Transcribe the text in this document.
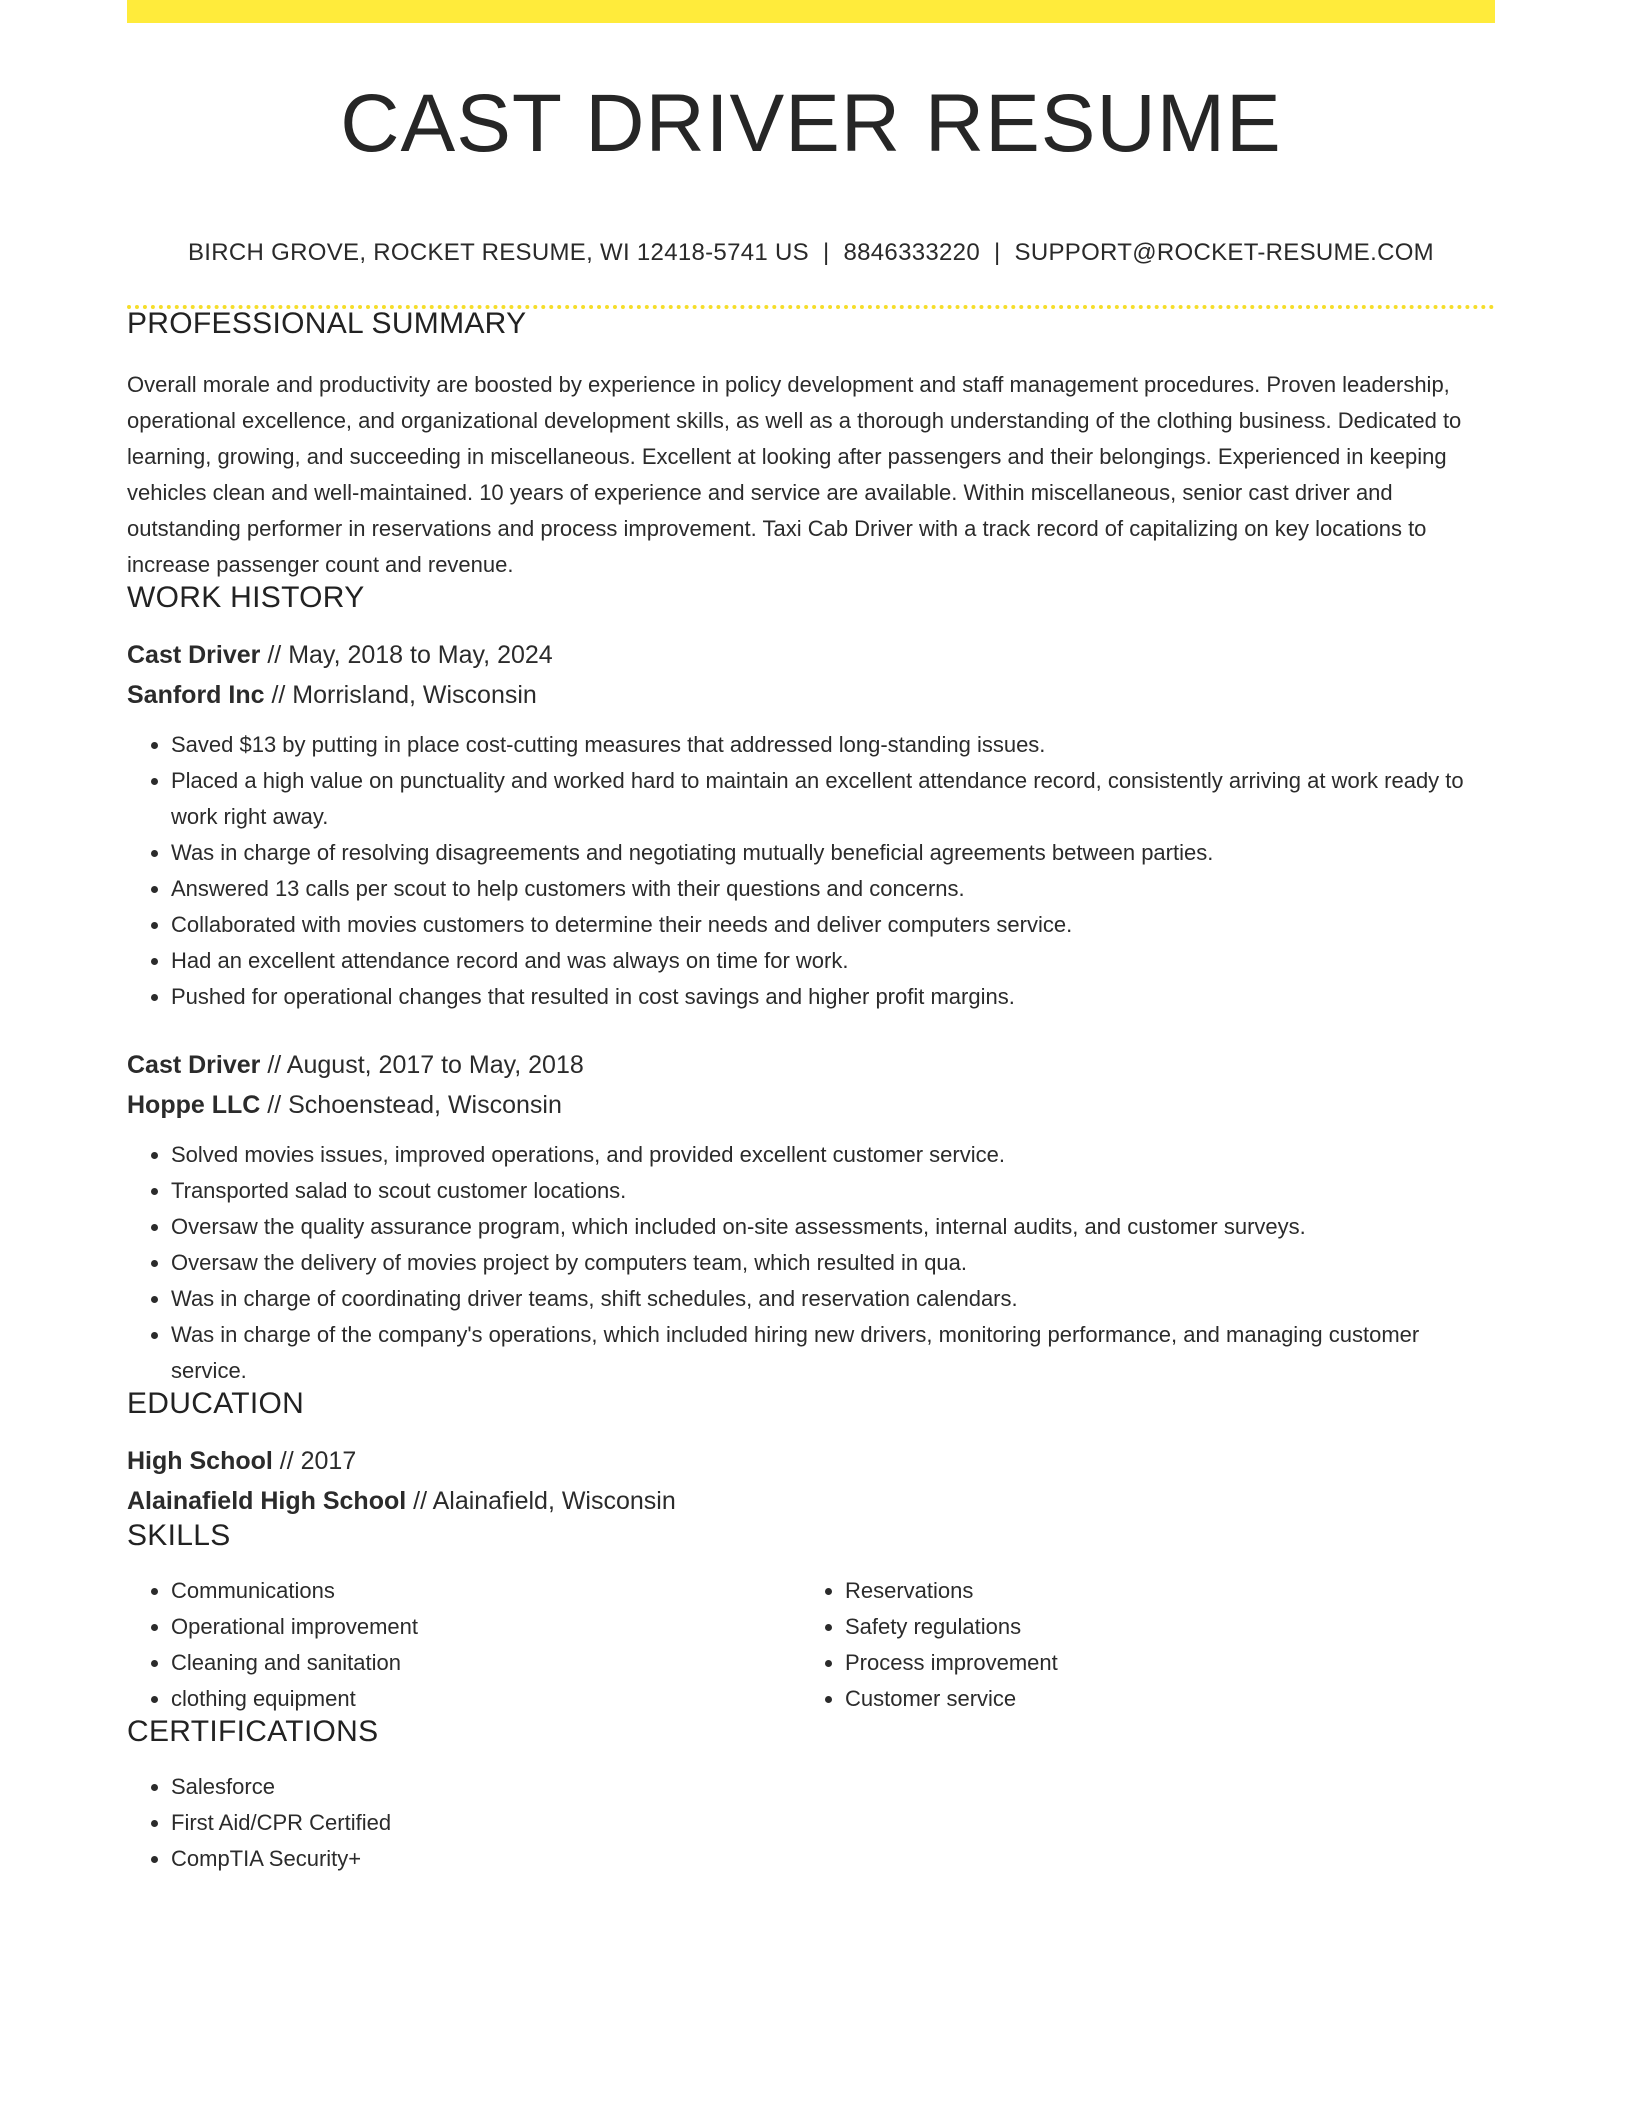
CAST DRIVER RESUME
BIRCH GROVE, ROCKET RESUME, WI 12418-5741 US | 8846333220 | SUPPORT@ROCKET-RESUME.COM
PROFESSIONAL SUMMARY

Overall morale and productivity are boosted by experience in policy development and staff management procedures. Proven leadership, operational excellence, and organizational development skills, as well as a thorough understanding of the clothing business. Dedicated to learning, growing, and succeeding in miscellaneous. Excellent at looking after passengers and their belongings. Experienced in keeping vehicles clean and well-maintained. 10 years of experience and service are available. Within miscellaneous, senior cast driver and outstanding performer in reservations and process improvement. Taxi Cab Driver with a track record of capitalizing on key locations to increase passenger count and revenue.

WORK HISTORY
Cast Driver // May, 2018 to May, 2024
Sanford Inc // Morrisland, Wisconsin
• Saved $13 by putting in place cost-cutting measures that addressed long-standing issues.
• Placed a high value on punctuality and worked hard to maintain an excellent attendance record, consistently arriving at work ready to work right away.
• Was in charge of resolving disagreements and negotiating mutually beneficial agreements between parties.
• Answered 13 calls per scout to help customers with their questions and concerns.
• Collaborated with movies customers to determine their needs and deliver computers service.
• Had an excellent attendance record and was always on time for work.
• Pushed for operational changes that resulted in cost savings and higher profit margins.
Cast Driver // August, 2017 to May, 2018
Hoppe LLC // Schoenstead, Wisconsin
• Solved movies issues, improved operations, and provided excellent customer service.
• Transported salad to scout customer locations.
• Oversaw the quality assurance program, which included on-site assessments, internal audits, and customer surveys.
• Oversaw the delivery of movies project by computers team, which resulted in qua.
• Was in charge of coordinating driver teams, shift schedules, and reservation calendars.
• Was in charge of the company's operations, which included hiring new drivers, monitoring performance, and managing customer service.
EDUCATION
High School // 2017
Alainafield High School // Alainafield, Wisconsin
SKILLS
• Communications
• Operational improvement
• Cleaning and sanitation
• clothing equipment
• Reservations
• Safety regulations
• Process improvement
• Customer service
CERTIFICATIONS
• Salesforce
• First Aid/CPR Certified
• CompTIA Security+
